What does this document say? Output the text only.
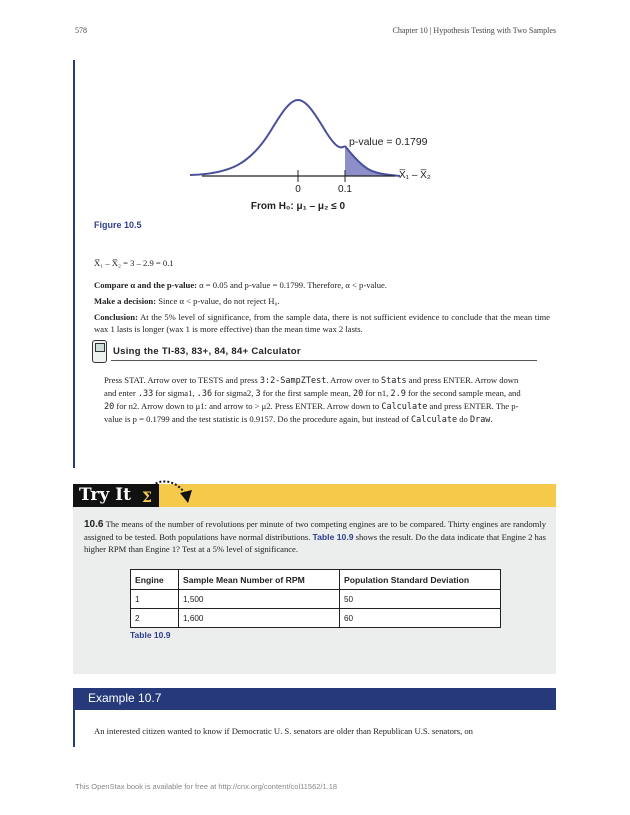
578	Chapter 10 | Hypothesis Testing with Two Samples
0	0.1
p-value = 0.1799
X̅₁ – X̅₂
From H₀: μ₁ – μ₂ ≤ 0
Figure 10.5
X̅₁ – X̅₂ = 3 – 2.9 = 0.1
Compare α and the p-value: α = 0.05 and p-value = 0.1799. Therefore, α < p-value.
Make a decision: Since α < p-value, do not reject H₀.
Conclusion: At the 5% level of significance, from the sample data, there is not sufficient evidence to conclude that the mean time wax 1 lasts is longer (wax 1 is more effective) than the mean time wax 2 lasts.
Using the TI-83, 83+, 84, 84+ Calculator
Press STAT. Arrow over to TESTS and press 3:2-SampZTest. Arrow over to Stats and press ENTER. Arrow down and enter .33 for sigma1, .36 for sigma2, 3 for the first sample mean, 20 for n1, 2.9 for the second sample mean, and 20 for n2. Arrow down to μ1: and arrow to > μ2. Press ENTER. Arrow down to Calculate and press ENTER. The p-value is p = 0.1799 and the test statistic is 0.9157. Do the procedure again, but instead of Calculate do Draw.
Try It Σ
10.6 The means of the number of revolutions per minute of two competing engines are to be compared. Thirty engines are randomly assigned to be tested. Both populations have normal distributions. Table 10.9 shows the result. Do the data indicate that Engine 2 has higher RPM than Engine 1? Test at a 5% level of significance.
Engine	Sample Mean Number of RPM	Population Standard Deviation
1	1,500	50
2	1,600	60
Table 10.9
Example 10.7
An interested citizen wanted to know if Democratic U. S. senators are older than Republican U.S. senators, on
This OpenStax book is available for free at http://cnx.org/content/col11562/1.18
